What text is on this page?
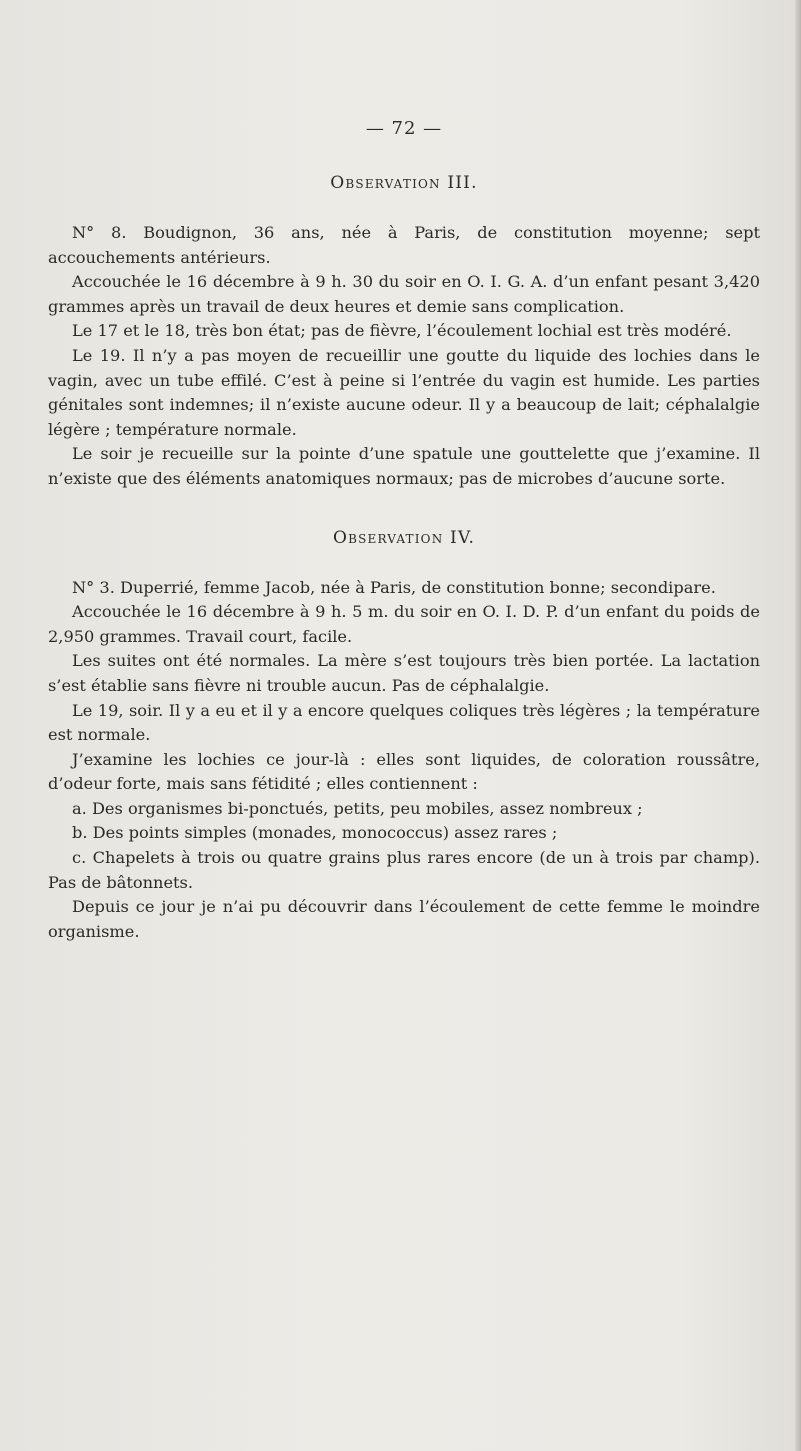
— 72 —
Observation III.

N° 8. Boudignon, 36 ans, née à Paris, de constitution moyenne; sept accouchements antérieurs.

Accouchée le 16 décembre à 9 h. 30 du soir en O. I. G. A. d’un enfant pesant 3,420 grammes après un travail de deux heures et demie sans complication.

Le 17 et le 18, très bon état; pas de fièvre, l’écoulement lochial est très modéré.

Le 19. Il n’y a pas moyen de recueillir une goutte du liquide des lochies dans le vagin, avec un tube effilé. C’est à peine si l’entrée du vagin est humide. Les parties génitales sont indemnes; il n’existe aucune odeur. Il y a beaucoup de lait; céphalalgie légère ; température normale.

Le soir je recueille sur la pointe d’une spatule une gouttelette que j’examine. Il n’existe que des éléments anatomiques normaux; pas de microbes d’aucune sorte.

Observation IV.

N° 3. Duperrié, femme Jacob, née à Paris, de constitution bonne; secondipare.

Accouchée le 16 décembre à 9 h. 5 m. du soir en O. I. D. P. d’un enfant du poids de 2,950 grammes. Travail court, facile.

Les suites ont été normales. La mère s’est toujours très bien portée. La lactation s’est établie sans fièvre ni trouble aucun. Pas de céphalalgie.

Le 19, soir. Il y a eu et il y a encore quelques coliques très légères ; la température est normale.

J’examine les lochies ce jour-là : elles sont liquides, de coloration roussâtre, d’odeur forte, mais sans fétidité ; elles contiennent :

a. Des organismes bi-ponctués, petits, peu mobiles, assez nombreux ;

b. Des points simples (monades, monococcus) assez rares ;

c. Chapelets à trois ou quatre grains plus rares encore (de un à trois par champ). Pas de bâtonnets.

Depuis ce jour je n’ai pu découvrir dans l’écoulement de cette femme le moindre organisme.
